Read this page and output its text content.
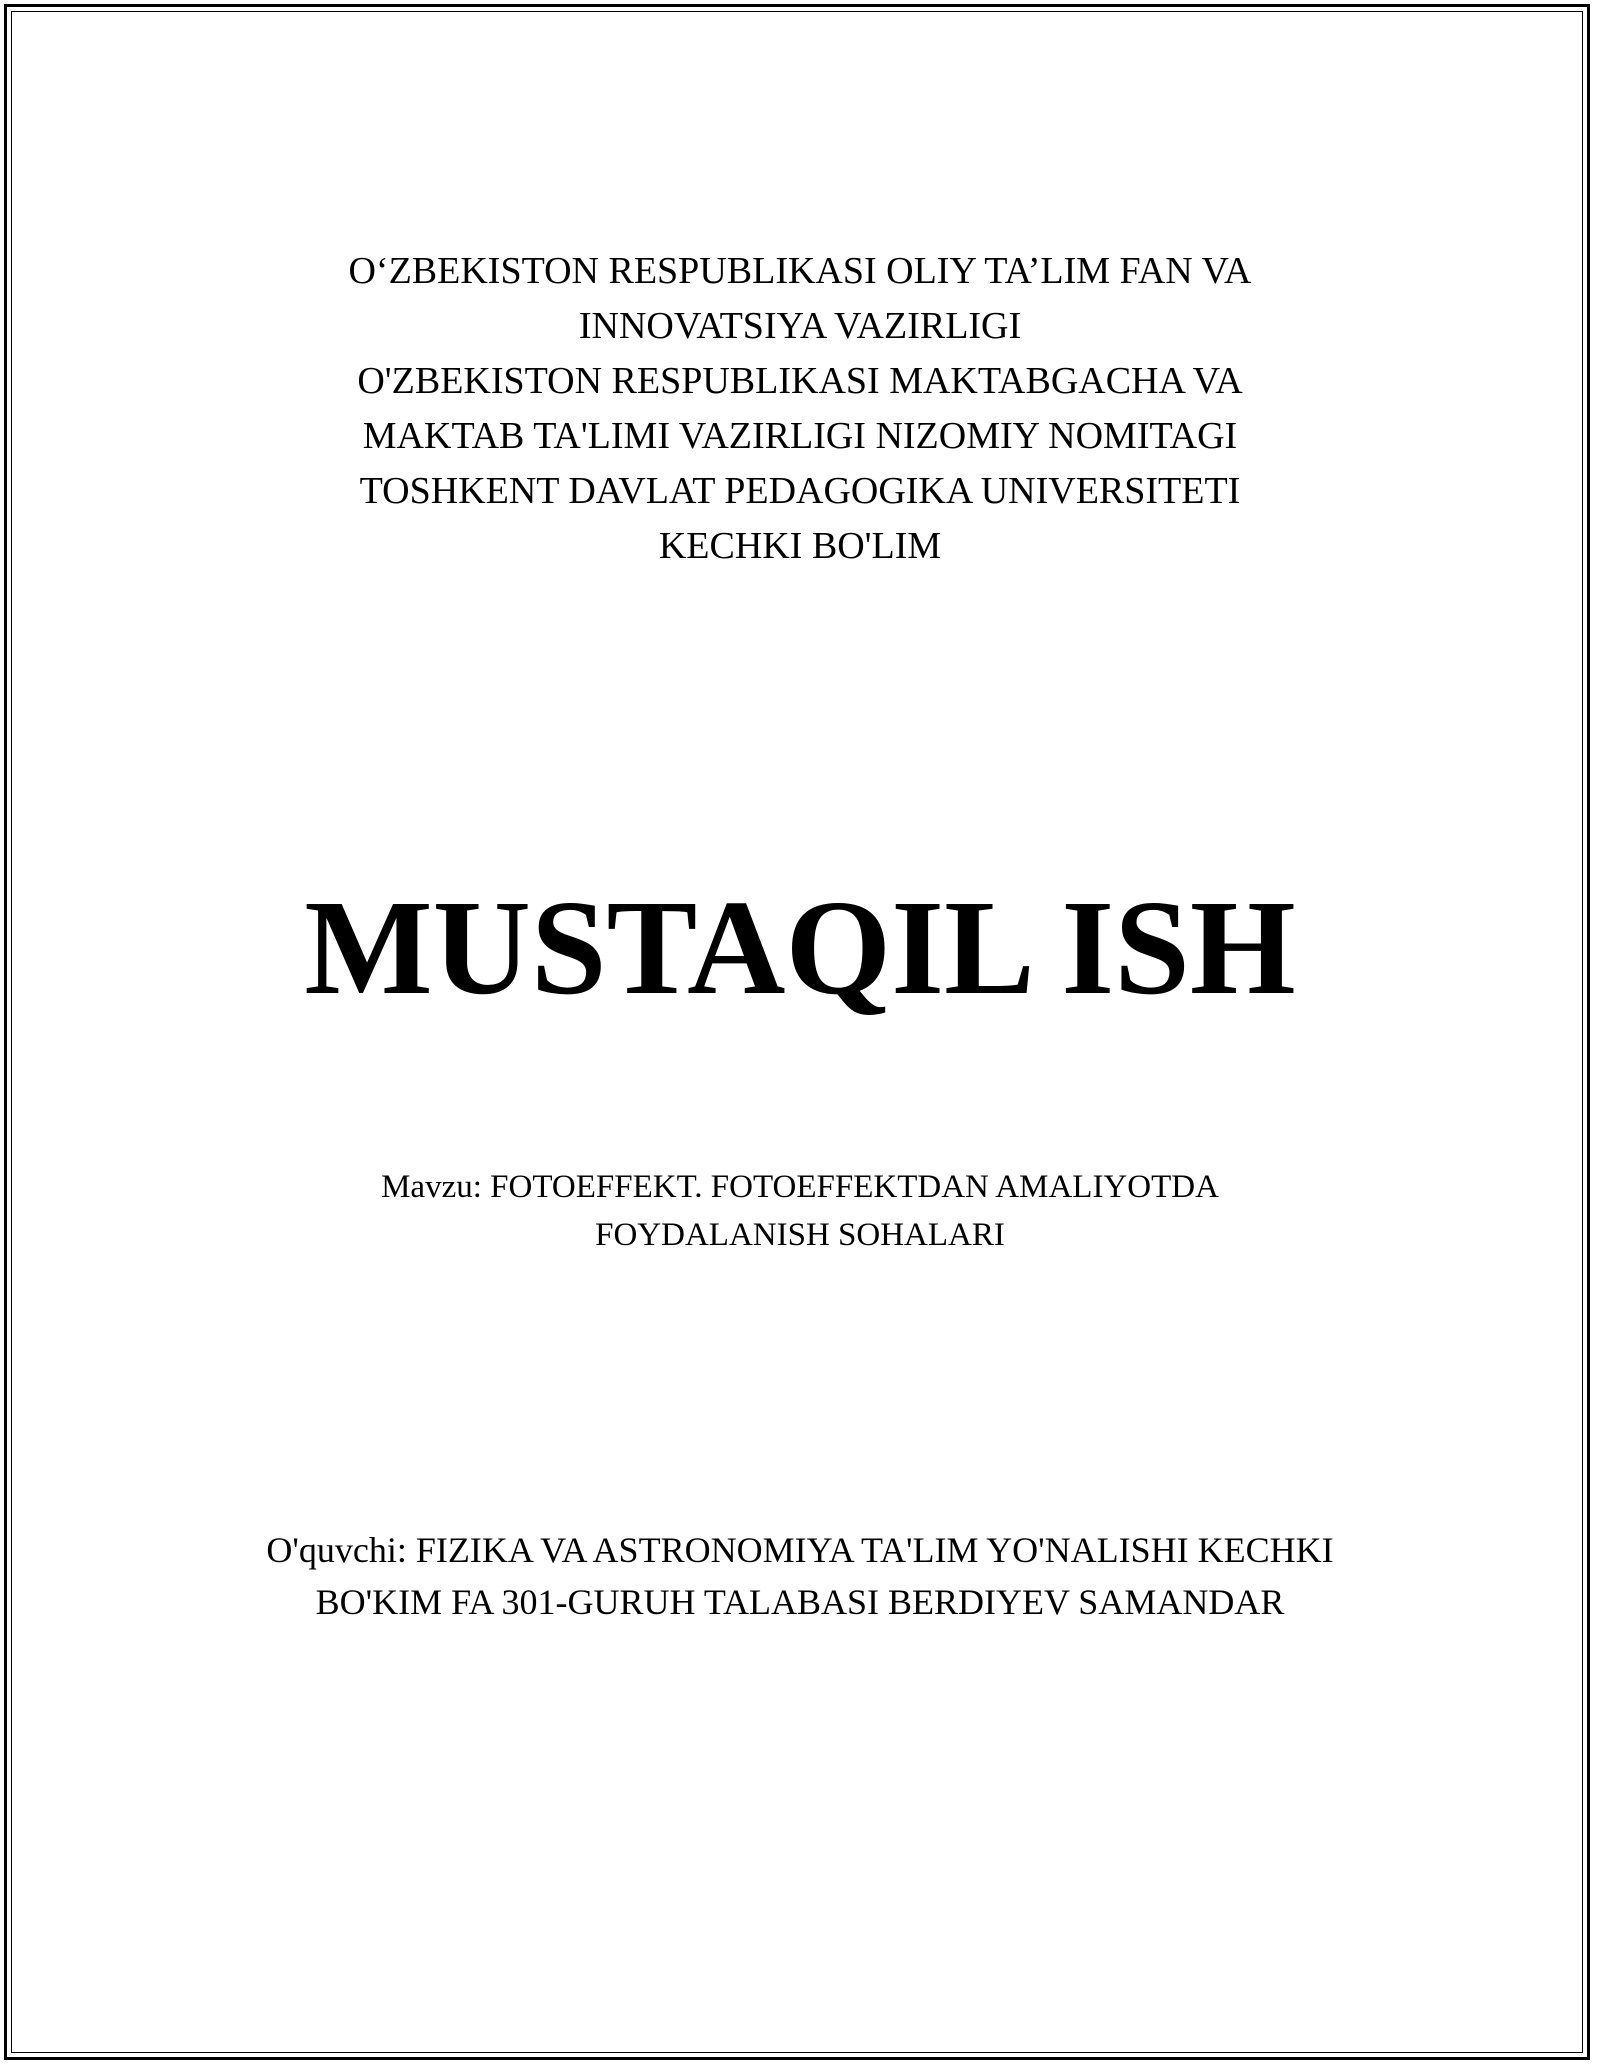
O‘ZBEKISTON RESPUBLIKASI OLIY TA’LIM FAN VA
INNOVATSIYA VAZIRLIGI
O'ZBEKISTON RESPUBLIKASI MAKTABGACHA VA
MAKTAB TA'LIMI VAZIRLIGI NIZOMIY NOMITAGI
TOSHKENT DAVLAT PEDAGOGIKA UNIVERSITETI
KECHKI BO'LIM
MUSTAQIL ISH
Mavzu: FOTOEFFEKT. FOTOEFFEKTDAN AMALIYOTDA
FOYDALANISH SOHALARI
O'quvchi: FIZIKA VA ASTRONOMIYA TA'LIM YO'NALISHI KECHKI
BO'KIM FA 301-GURUH TALABASI BERDIYEV SAMANDAR
